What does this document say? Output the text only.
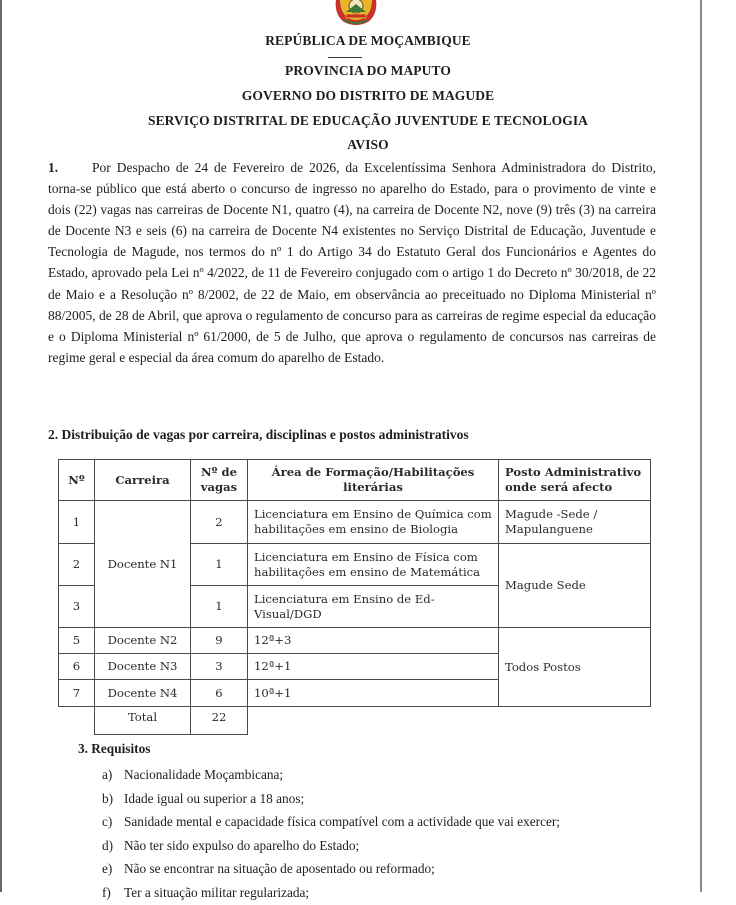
REPÚBLICA DE MOÇAMBIQUE
PROVINCIA DO MAPUTO
GOVERNO DO DISTRITO DE MAGUDE
SERVIÇO DISTRITAL DE EDUCAÇÃO JUVENTUDE E TECNOLOGIA
AVISO
1.	Por Despacho de 24 de Fevereiro de 2026, da Excelentíssima Senhora Administradora do Distrito, torna-se público que está aberto o concurso de ingresso no aparelho do Estado, para o provimento de vinte e dois (22) vagas nas carreiras de Docente N1, quatro (4), na carreira de Docente N2, nove (9) três (3) na carreira de Docente N3 e seis (6) na carreira de Docente N4 existentes no Serviço Distrital de Educação, Juventude e Tecnologia de Magude, nos termos do nº 1 do Artigo 34 do Estatuto Geral dos Funcionários e Agentes do Estado, aprovado pela Lei nº 4/2022, de 11 de Fevereiro conjugado com o artigo 1 do Decreto nº 30/2018, de 22 de Maio e a Resolução nº 8/2002, de 22 de Maio, em observância ao preceituado no Diploma Ministerial nº 88/2005, de 28 de Abril, que aprova o regulamento de concurso para as carreiras de regime especial da educação e o Diploma Ministerial nº 61/2000, de 5 de Julho, que aprova o regulamento de concursos nas carreiras de regime geral e especial da área comum do aparelho de Estado.
2. Distribuição de vagas por carreira, disciplinas e postos administrativos
Nº	Carreira	Nº de vagas	Área de Formação/Habilitações literárias	Posto Administrativo onde será afecto
1	Docente N1	2	Licenciatura em Ensino de Química com habilitações em ensino de Biologia	Magude -Sede / Mapulanguene
2		1	Licenciatura em Ensino de Física com habilitações em ensino de Matemática	Magude Sede
3		1	Licenciatura em Ensino de Ed-Visual/DGD	
5	Docente N2	9	12ª+3	Todos Postos
6	Docente N3	3	12ª+1	
7	Docente N4	6	10ª+1	
	Total	22		
3. Requisitos
a) Nacionalidade Moçambicana;
b) Idade igual ou superior a 18 anos;
c) Sanidade mental e capacidade física compatível com a actividade que vai exercer;
d) Não ter sido expulso do aparelho do Estado;
e) Não se encontrar na situação de aposentado ou reformado;
f) Ter a situação militar regularizada;
